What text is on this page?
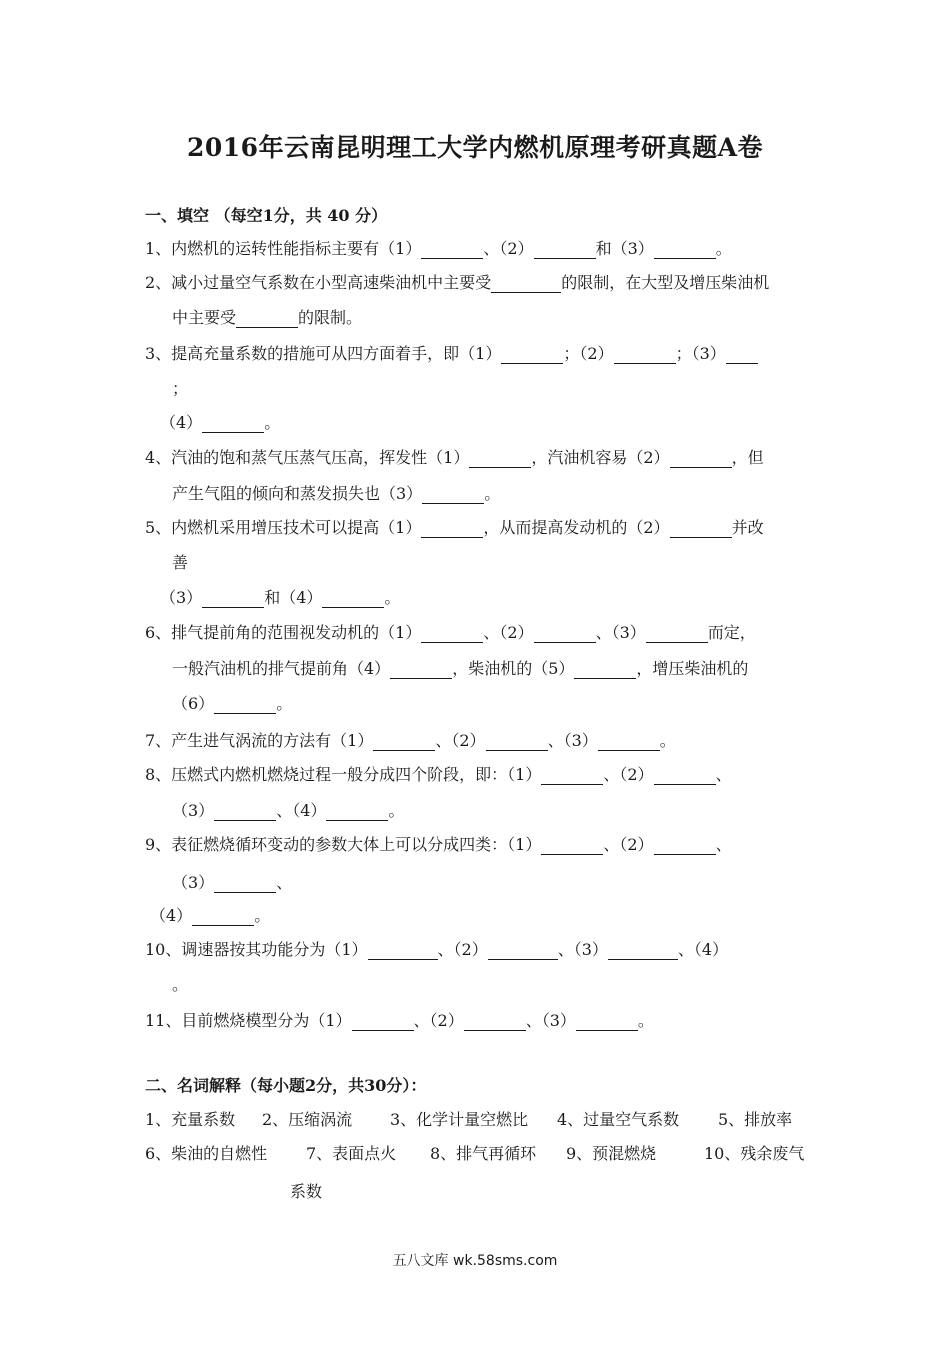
2016年云南昆明理工大学内燃机原理考研真题A卷
一、填空 （每空1分，共 40 分）
1、内燃机的运转性能指标主要有（1）	、（2）	和（3）	。
2、减小过量空气系数在小型高速柴油机中主要受	的限制，在大型及增压柴油机
中主要受	的限制。
3、提高充量系数的措施可从四方面着手，即（1）	；（2）	；（3）
；
（4）	。
4、汽油的饱和蒸气压蒸气压高，挥发性（1）	，汽油机容易（2）	，但
产生气阻的倾向和蒸发损失也（3）	。
5、内燃机采用增压技术可以提高（1）	，从而提高发动机的（2）	并改
善
（3）	和（4）	。
6、排气提前角的范围视发动机的（1）	、（2）	、（3）	而定，
一般汽油机的排气提前角（4）	，柴油机的（5）	，增压柴油机的
（6）	。
7、产生进气涡流的方法有（1）	、（2）	、（3）	。
8、压燃式内燃机燃烧过程一般分成四个阶段，即：（1）	、（2）	、
（3）	、（4）	。
9、表征燃烧循环变动的参数大体上可以分成四类：（1）	、（2）	、
（3）	、
（4）	。
10、调速器按其功能分为（1）	、（2）	、（3）	、（4）
。
11、目前燃烧模型分为（1）	、（2）	、（3）	。
二、名词解释（每小题2分，共30分）：
1、充量系数 2、压缩涡流 3、化学计量空燃比 4、过量空气系数 5、排放率
6、柴油的自燃性 7、表面点火 8、排气再循环 9、预混燃烧	10、残余废气
系数
五八文库 wk.58sms.com
